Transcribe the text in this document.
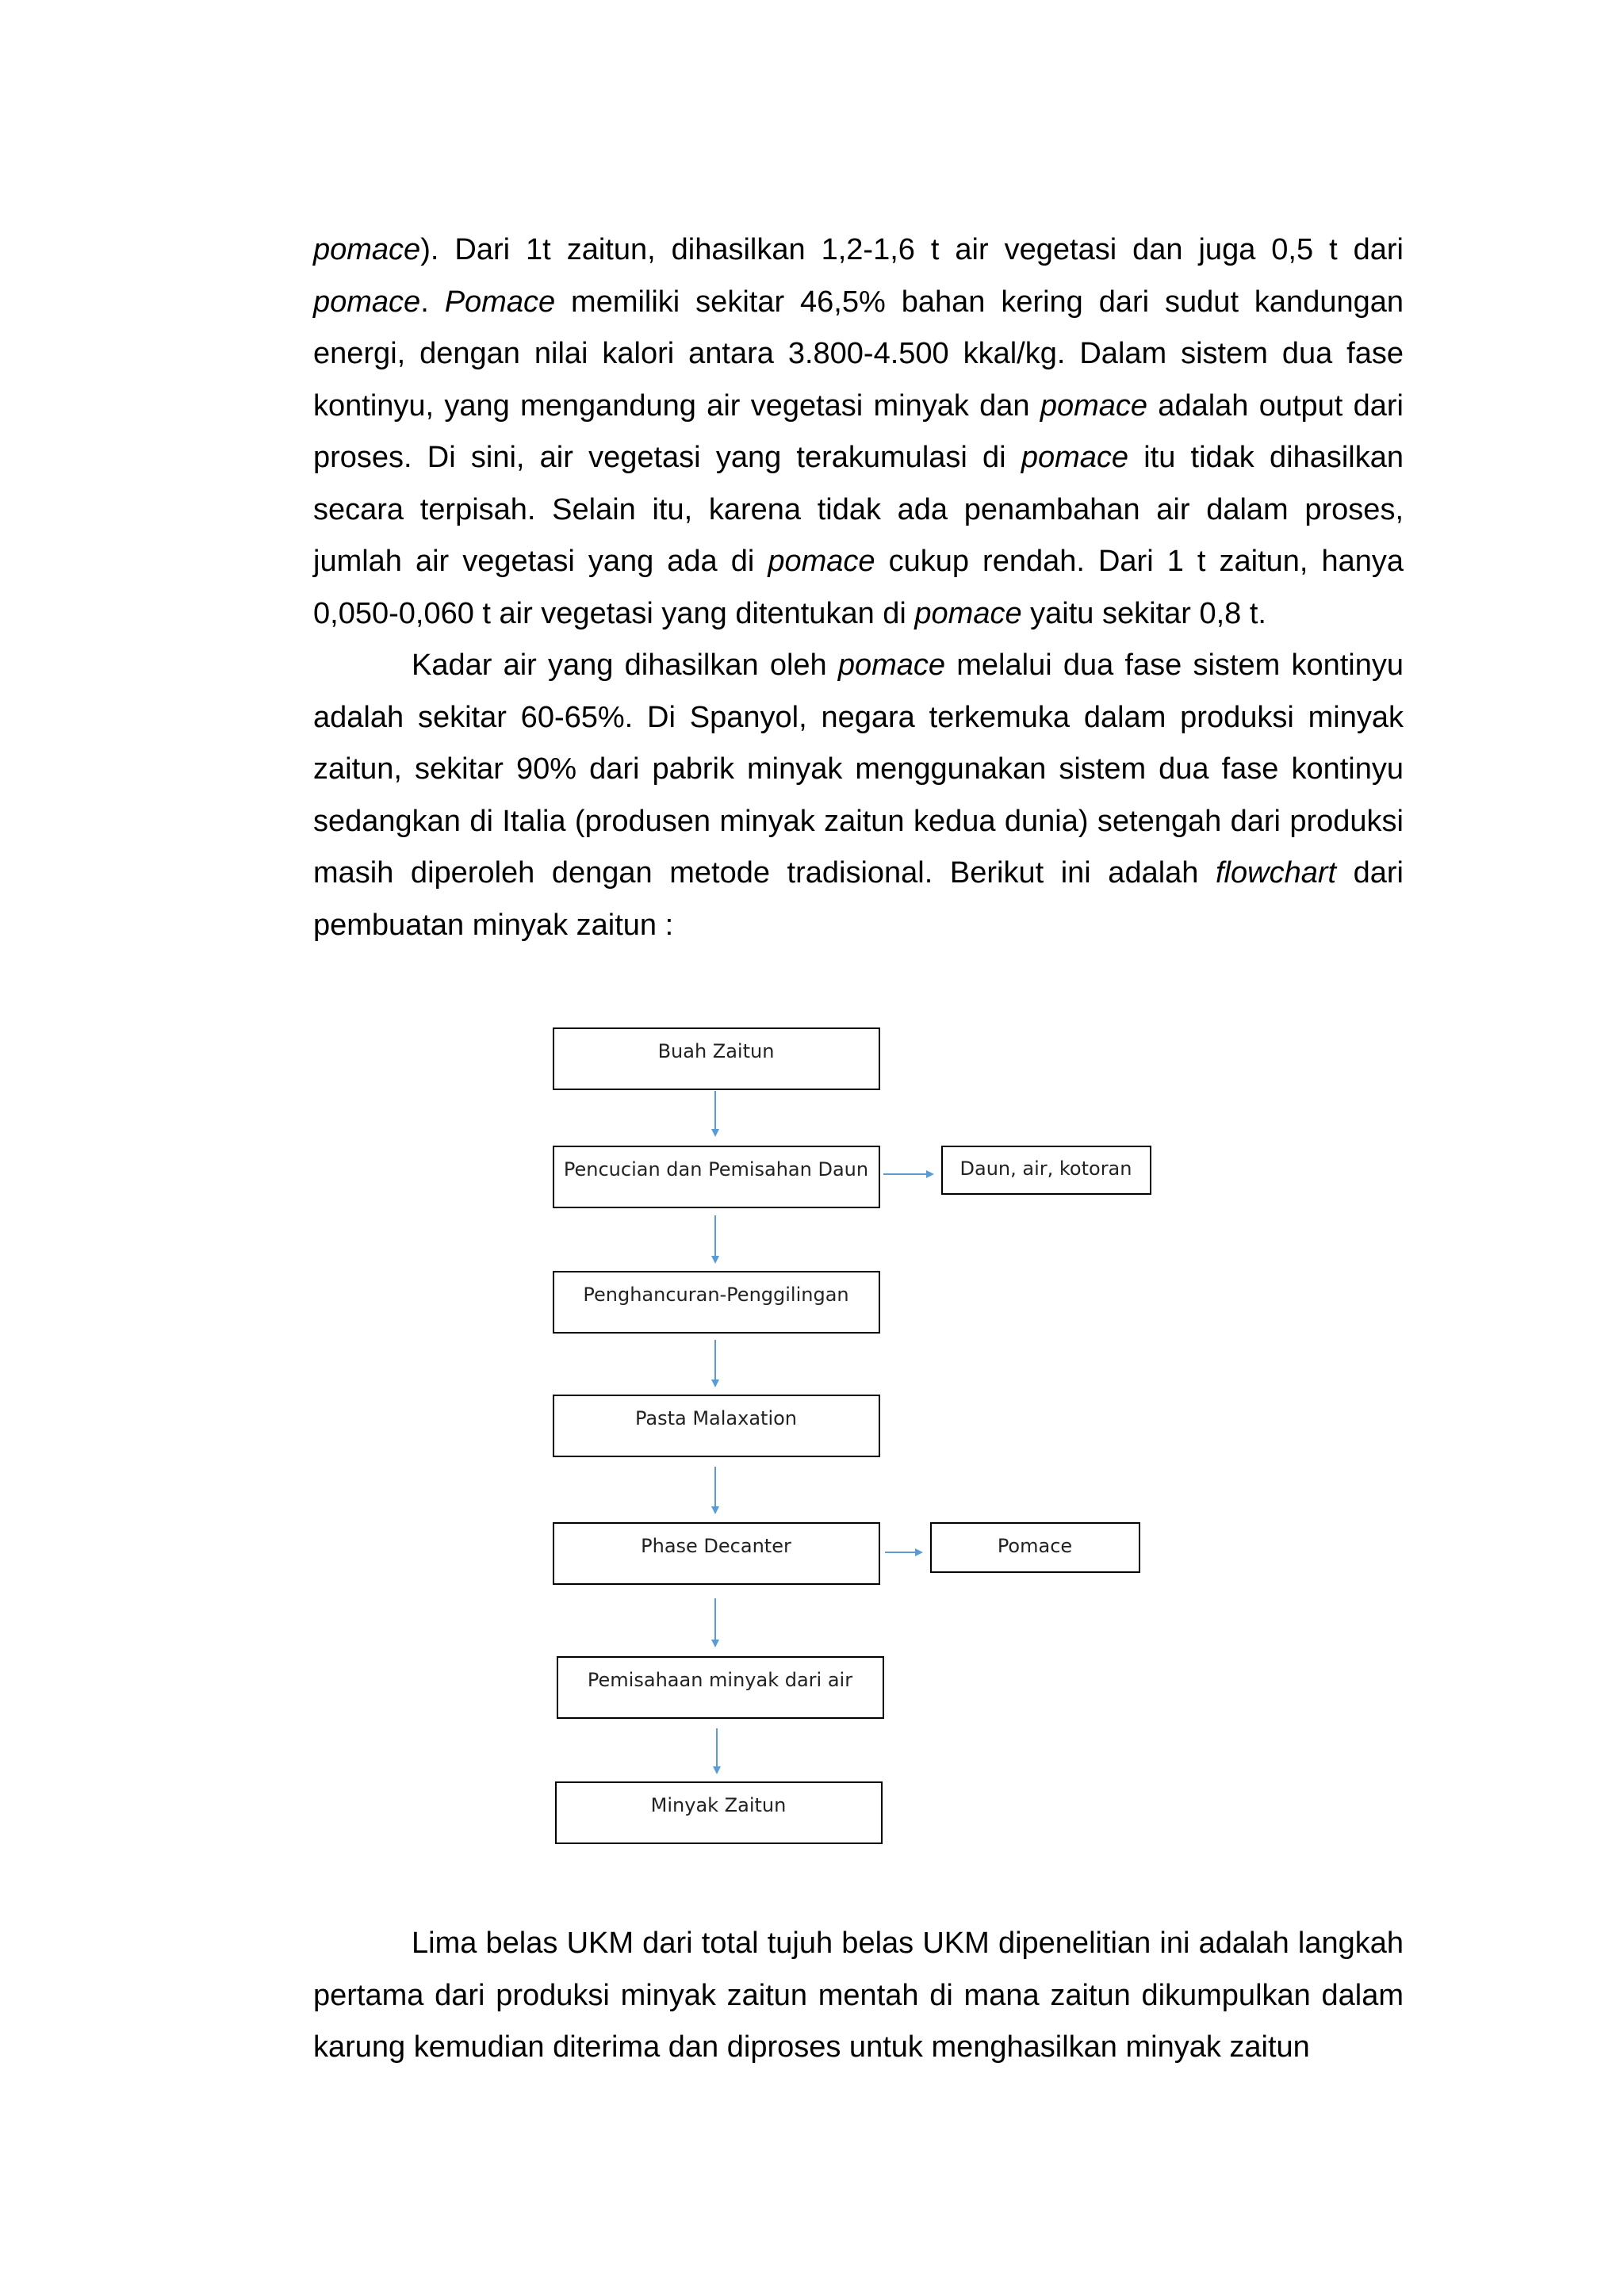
pomace). Dari 1t zaitun, dihasilkan 1,2-1,6 t air vegetasi dan juga 0,5 t dari pomace. Pomace memiliki sekitar 46,5% bahan kering dari sudut kandungan energi, dengan nilai kalori antara 3.800-4.500 kkal/kg. Dalam sistem dua fase kontinyu, yang mengandung air vegetasi minyak dan pomace adalah output dari proses. Di sini, air vegetasi yang terakumulasi di pomace itu tidak dihasilkan secara terpisah. Selain itu, karena tidak ada penambahan air dalam proses, jumlah air vegetasi yang ada di pomace cukup rendah. Dari 1 t zaitun, hanya 0,050-0,060 t air vegetasi yang ditentukan di pomace yaitu sekitar 0,8 t.

Kadar air yang dihasilkan oleh pomace melalui dua fase sistem kontinyu adalah sekitar 60-65%. Di Spanyol, negara terkemuka dalam produksi minyak zaitun, sekitar 90% dari pabrik minyak menggunakan sistem dua fase kontinyu sedangkan di Italia (produsen minyak zaitun kedua dunia) setengah dari produksi masih diperoleh dengan metode tradisional. Berikut ini adalah flowchart dari pembuatan minyak zaitun :

Buah Zaitun
Pencucian dan Pemisahan Daun
Penghancuran-Penggilingan
Pasta Malaxation
Phase Decanter
Pemisahaan minyak dari air
Minyak Zaitun
Daun, air, kotoran
Pomace

Lima belas UKM dari total tujuh belas UKM dipenelitian ini adalah langkah pertama dari produksi minyak zaitun mentah di mana zaitun dikumpulkan dalam karung kemudian diterima dan diproses untuk menghasilkan minyak zaitun
